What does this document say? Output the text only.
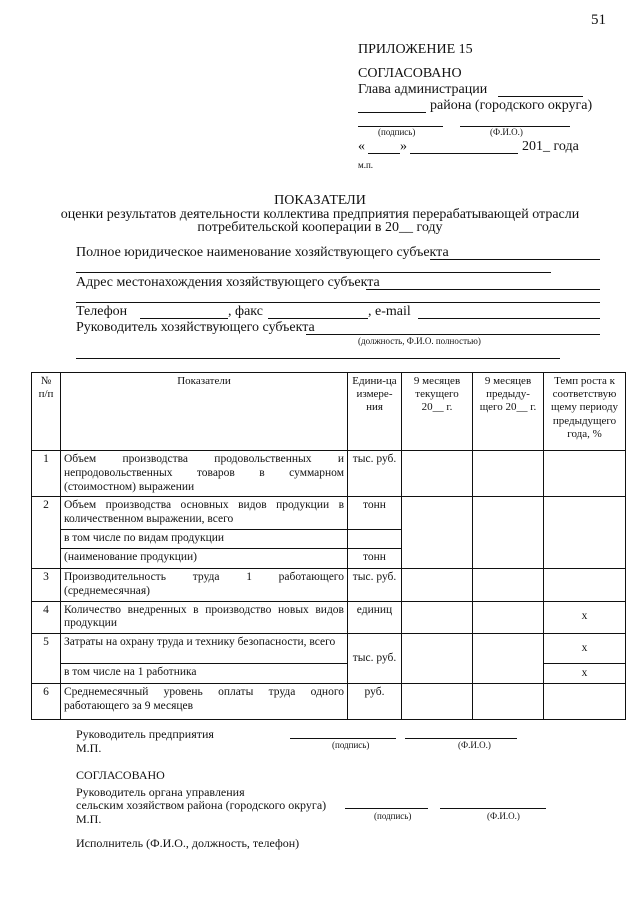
51
ПРИЛОЖЕНИЕ 15
СОГЛАСОВАНО
Глава администрации
района (городского округа)
(подпись)	(Ф.И.О.)
«	»	201_ года
м.п.
ПОКАЗАТЕЛИ
оценки результатов деятельности коллектива предприятия перерабатывающей отрасли
потребительской кооперации в 20__ году
Полное юридическое наименование хозяйствующего субъекта
Адрес местонахождения хозяйствующего субъекта
Телефон	, факс	, e-mail
Руководитель хозяйствующего субъекта
(должность, Ф.И.О. полностью)
№ п/п	Показатели	Едини-ца измере-ния	9 месяцев текущего 20__ г.	9 месяцев предыду-щего 20__ г.	Темп роста к соответствую щему периоду предыдущего года, %
1	Объем производства продовольственных и непродовольственных товаров в суммарном (стоимостном) выражении	тыс. руб.			
2	Объем производства основных видов продукции в количественном выражении, всего	тонн			
	в том числе по видам продукции				
	(наименование продукции)	тонн			
3	Производительность труда 1 работающего (среднемесячная)	тыс. руб.			
4	Количество внедренных в производство новых видов продукции	единиц			x
5	Затраты на охрану труда и технику безопасности, всего	тыс. руб.			x
	в том числе на 1 работника				x
6	Среднемесячный уровень оплаты труда одного работающего за 9 месяцев	руб.			
Руководитель предприятия
М.П.	(подпись)	(Ф.И.О.)
СОГЛАСОВАНО
Руководитель органа управления
сельским хозяйством района (городского округа)
М.П.	(подпись)	(Ф.И.О.)
Исполнитель (Ф.И.О., должность, телефон)
